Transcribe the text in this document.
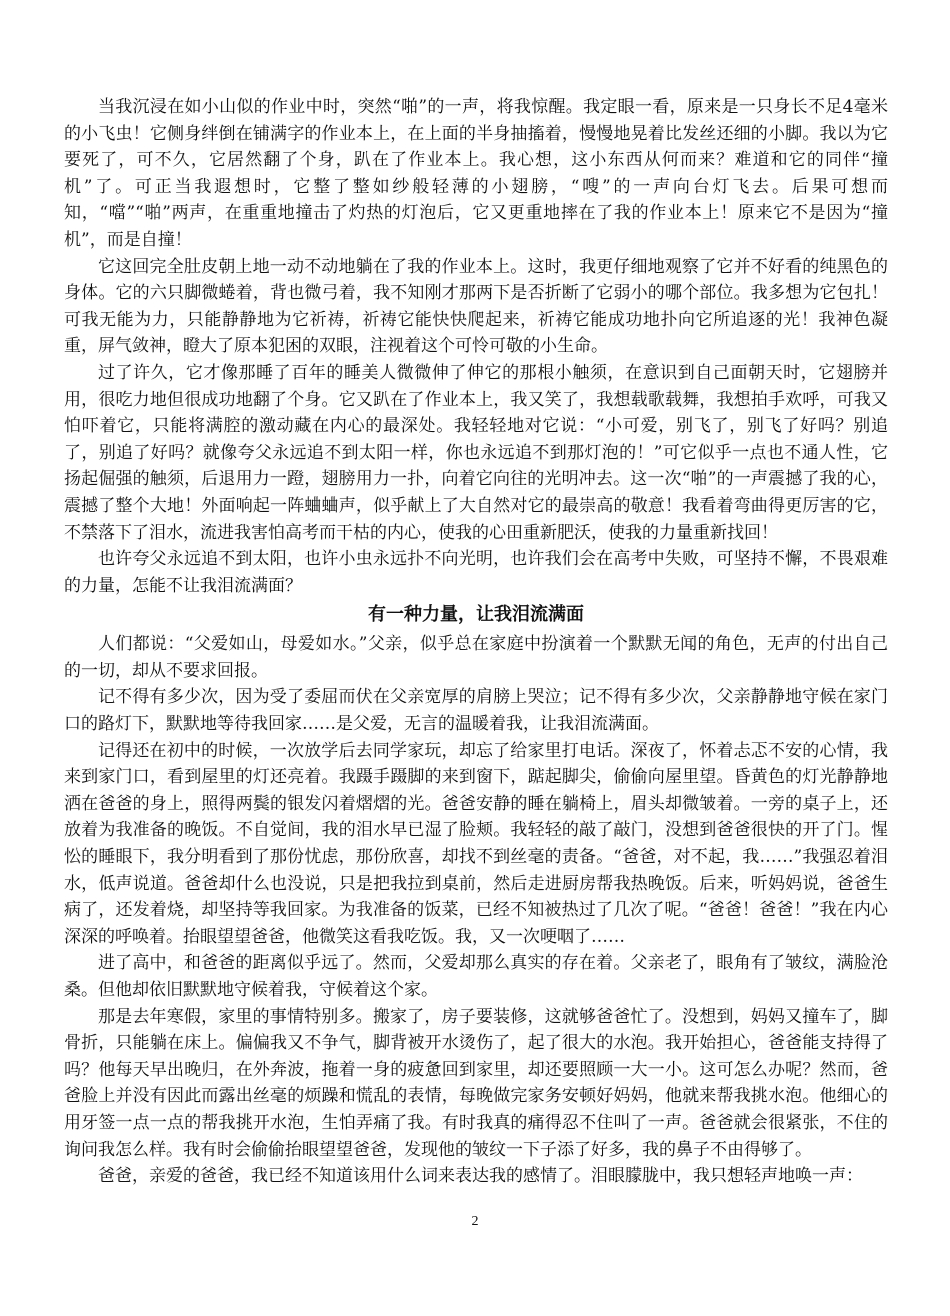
当我沉浸在如小山似的作业中时，突然“啪”的一声，将我惊醒。我定眼一看，原来是一只身长不足4毫米的小飞虫！它侧身绊倒在铺满字的作业本上，在上面的半身抽搐着，慢慢地晃着比发丝还细的小脚。我以为它要死了，可不久，它居然翻了个身，趴在了作业本上。我心想，这小东西从何而来？难道和它的同伴“撞机”了。可正当我遐想时，它整了整如纱般轻薄的小翅膀，“嗖”的一声向台灯飞去。后果可想而知，“噹”“啪”两声，在重重地撞击了灼热的灯泡后，它又更重地摔在了我的作业本上！原来它不是因为“撞机”，而是自撞！

它这回完全肚皮朝上地一动不动地躺在了我的作业本上。这时，我更仔细地观察了它并不好看的纯黑色的身体。它的六只脚微蜷着，背也微弓着，我不知刚才那两下是否折断了它弱小的哪个部位。我多想为它包扎！可我无能为力，只能静静地为它祈祷，祈祷它能快快爬起来，祈祷它能成功地扑向它所追逐的光！我神色凝重，屏气敛神，瞪大了原本犯困的双眼，注视着这个可怜可敬的小生命。

过了许久，它才像那睡了百年的睡美人微微伸了伸它的那根小触须，在意识到自己面朝天时，它翅膀并用，很吃力地但很成功地翻了个身。它又趴在了作业本上，我又笑了，我想载歌载舞，我想拍手欢呼，可我又怕吓着它，只能将满腔的激动藏在内心的最深处。我轻轻地对它说：“小可爱，别飞了，别飞了好吗？别追了，别追了好吗？就像夸父永远追不到太阳一样，你也永远追不到那灯泡的！”可它似乎一点也不通人性，它扬起倔强的触须，后退用力一蹬，翅膀用力一扑，向着它向往的光明冲去。这一次“啪”的一声震撼了我的心，震撼了整个大地！外面响起一阵蛐蛐声，似乎献上了大自然对它的最崇高的敬意！我看着弯曲得更厉害的它，不禁落下了泪水，流进我害怕高考而干枯的内心，使我的心田重新肥沃，使我的力量重新找回！

也许夸父永远追不到太阳，也许小虫永远扑不向光明，也许我们会在高考中失败，可坚持不懈，不畏艰难的力量，怎能不让我泪流满面？

有一种力量，让我泪流满面

人们都说：“父爱如山，母爱如水。”父亲，似乎总在家庭中扮演着一个默默无闻的角色，无声的付出自己的一切，却从不要求回报。

记不得有多少次，因为受了委屈而伏在父亲宽厚的肩膀上哭泣；记不得有多少次，父亲静静地守候在家门口的路灯下，默默地等待我回家……是父爱，无言的温暖着我，让我泪流满面。

记得还在初中的时候，一次放学后去同学家玩，却忘了给家里打电话。深夜了，怀着忐忑不安的心情，我来到家门口，看到屋里的灯还亮着。我蹑手蹑脚的来到窗下，踮起脚尖，偷偷向屋里望。昏黄色的灯光静静地洒在爸爸的身上，照得两鬓的银发闪着熠熠的光。爸爸安静的睡在躺椅上，眉头却微皱着。一旁的桌子上，还放着为我准备的晚饭。不自觉间，我的泪水早已湿了脸颊。我轻轻的敲了敲门，没想到爸爸很快的开了门。惺忪的睡眼下，我分明看到了那份忧虑，那份欣喜，却找不到丝毫的责备。“爸爸，对不起，我……”我强忍着泪水，低声说道。爸爸却什么也没说，只是把我拉到桌前，然后走进厨房帮我热晚饭。后来，听妈妈说，爸爸生病了，还发着烧，却坚持等我回家。为我准备的饭菜，已经不知被热过了几次了呢。“爸爸！爸爸！”我在内心深深的呼唤着。抬眼望望爸爸，他微笑这看我吃饭。我，又一次哽咽了……

进了高中，和爸爸的距离似乎远了。然而，父爱却那么真实的存在着。父亲老了，眼角有了皱纹，满脸沧桑。但他却依旧默默地守候着我，守候着这个家。

那是去年寒假，家里的事情特别多。搬家了，房子要装修，这就够爸爸忙了。没想到，妈妈又撞车了，脚骨折，只能躺在床上。偏偏我又不争气，脚背被开水烫伤了，起了很大的水泡。我开始担心，爸爸能支持得了吗？他每天早出晚归，在外奔波，拖着一身的疲惫回到家里，却还要照顾一大一小。这可怎么办呢？然而，爸爸脸上并没有因此而露出丝毫的烦躁和慌乱的表情，每晚做完家务安顿好妈妈，他就来帮我挑水泡。他细心的用牙签一点一点的帮我挑开水泡，生怕弄痛了我。有时我真的痛得忍不住叫了一声。爸爸就会很紧张，不住的询问我怎么样。我有时会偷偷抬眼望望爸爸，发现他的皱纹一下子添了好多，我的鼻子不由得够了。

爸爸，亲爱的爸爸，我已经不知道该用什么词来表达我的感情了。泪眼朦胧中，我只想轻声地唤一声：

2
